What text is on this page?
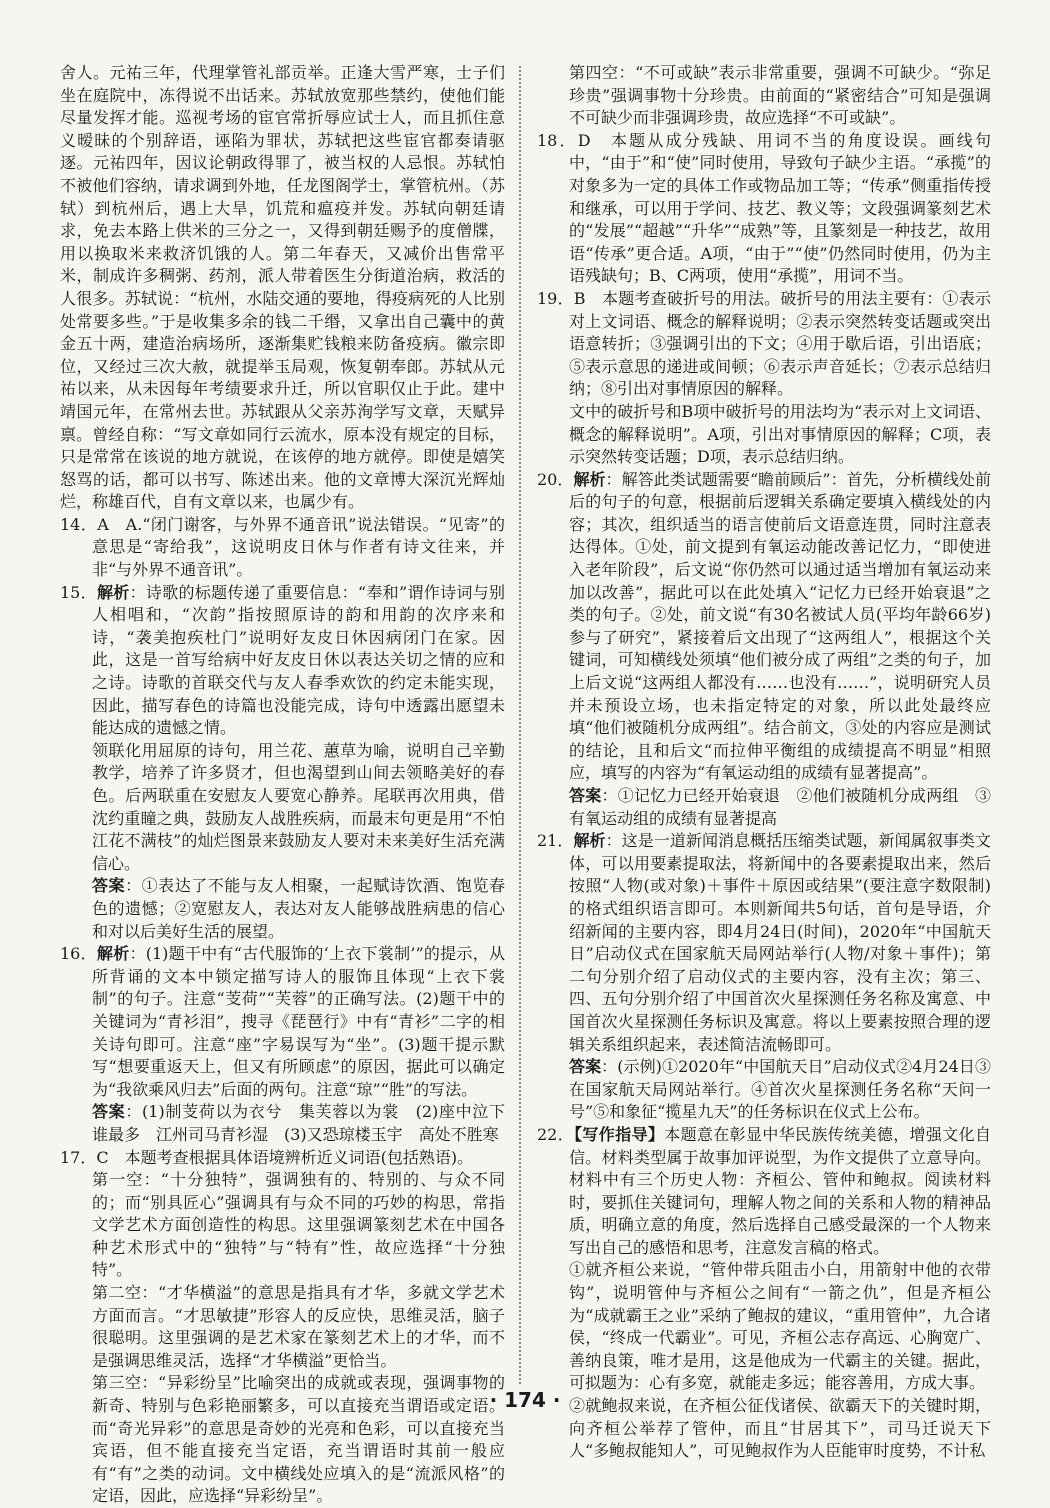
舍人。元祐三年，代理掌管礼部贡举。正逢大雪严寒，士子们坐在庭院中，冻得说不出话来。苏轼放宽那些禁约，使他们能尽量发挥才能。巡视考场的宦官常折辱应试士人，而且抓住意义暧昧的个别辞语，诬陷为罪状，苏轼把这些宦官都奏请驱逐。元祐四年，因议论朝政得罪了，被当权的人忌恨。苏轼怕不被他们容纳，请求调到外地，任龙图阁学士，掌管杭州。（苏轼）到杭州后，遇上大旱，饥荒和瘟疫并发。苏轼向朝廷请求，免去本路上供米的三分之一，又得到朝廷赐予的度僧牒，用以换取米来救济饥饿的人。第二年春天，又减价出售常平米，制成许多稠粥、药剂，派人带着医生分街道治病，救活的人很多。苏轼说：“杭州，水陆交通的要地，得疫病死的人比别处常要多些。”于是收集多余的钱二千缗，又拿出自己囊中的黄金五十两，建造治病场所，逐渐集贮钱粮来防备疫病。徽宗即位，又经过三次大赦，就提举玉局观，恢复朝奉郎。苏轼从元祐以来，从未因每年考绩要求升迁，所以官职仅止于此。建中靖国元年，在常州去世。苏轼跟从父亲苏洵学写文章，天赋异禀。曾经自称：“写文章如同行云流水，原本没有规定的目标，只是常常在该说的地方就说，在该停的地方就停。即使是嬉笑怒骂的话，都可以书写、陈述出来。他的文章博大深沉光辉灿烂，称雄百代，自有文章以来，也属少有。

14．A　A.“闭门谢客，与外界不通音讯”说法错误。“见寄”的意思是“寄给我”，这说明皮日休与作者有诗文往来，并非“与外界不通音讯”。

15．解析：诗歌的标题传递了重要信息：“奉和”谓作诗词与别人相唱和，“次韵”指按照原诗的韵和用韵的次序来和诗，“袭美抱疾杜门”说明好友皮日休因病闭门在家。因此，这是一首写给病中好友皮日休以表达关切之情的应和之诗。诗歌的首联交代与友人春季欢饮的约定未能实现，因此，描写春色的诗篇也没能完成，诗句中透露出愿望未能达成的遗憾之情。

领联化用屈原的诗句，用兰花、蕙草为喻，说明自己辛勤教学，培养了许多贤才，但也渴望到山间去领略美好的春色。后两联重在安慰友人要宽心静养。尾联再次用典，借沈约重瞳之典，鼓励友人战胜疾病，而最末句更是用“不怕江花不满枝”的灿烂图景来鼓励友人要对未来美好生活充满信心。

答案：①表达了不能与友人相聚，一起赋诗饮酒、饱览春色的遗憾；②宽慰友人，表达对友人能够战胜病患的信心和对以后美好生活的展望。

16．解析：(1)题干中有“古代服饰的‘上衣下裳制’”的提示，从所背诵的文本中锁定描写诗人的服饰且体现“上衣下裳制”的句子。注意“芰荷”“芙蓉”的正确写法。(2)题干中的关键词为“青衫泪”，搜寻《琵琶行》中有“青衫”二字的相关诗句即可。注意“座”字易误写为“坐”。(3)题干提示默写“想要重返天上，但又有所顾虑”的原因，据此可以确定为“我欲乘风归去”后面的两句。注意“琼”“胜”的写法。

答案：(1)制芰荷以为衣兮　集芙蓉以为裳　(2)座中泣下谁最多　江州司马青衫湿　(3)又恐琼楼玉宇　高处不胜寒

17．C　本题考查根据具体语境辨析近义词语(包括熟语)。

第一空：“十分独特”，强调独有的、特别的、与众不同的；而“别具匠心”强调具有与众不同的巧妙的构思，常指文学艺术方面创造性的构思。这里强调篆刻艺术在中国各种艺术形式中的“独特”与“特有”性，故应选择“十分独特”。

第二空：“才华横溢”的意思是指具有才华，多就文学艺术方面而言。“才思敏捷”形容人的反应快，思维灵活，脑子很聪明。这里强调的是艺术家在篆刻艺术上的才华，而不是强调思维灵活，选择“才华横溢”更恰当。

第三空：“异彩纷呈”比喻突出的成就或表现，强调事物的新奇、特别与色彩艳丽繁多，可以直接充当谓语或定语。而“奇光异彩”的意思是奇妙的光亮和色彩，可以直接充当宾语，但不能直接充当定语，充当谓语时其前一般应有“有”之类的动词。文中横线处应填入的是“流派风格”的定语，因此，应选择“异彩纷呈”。

第四空：“不可或缺”表示非常重要，强调不可缺少。“弥足珍贵”强调事物十分珍贵。由前面的“紧密结合”可知是强调不可缺少而非强调珍贵，故应选择“不可或缺”。

18．D　本题从成分残缺、用词不当的角度设误。画线句中，“由于”和“使”同时使用，导致句子缺少主语。“承揽”的对象多为一定的具体工作或物品加工等；“传承”侧重指传授和继承，可以用于学问、技艺、教义等；文段强调篆刻艺术的“发展”“超越”“升华”“成熟”等，且篆刻是一种技艺，故用语“传承”更合适。A项，“由于”“使”仍然同时使用，仍为主语残缺句；B、C两项，使用“承揽”，用词不当。

19．B　本题考查破折号的用法。破折号的用法主要有：①表示对上文词语、概念的解释说明；②表示突然转变话题或突出语意转折；③强调引出的下文；④用于歇后语，引出语底；⑤表示意思的递进或间顿；⑥表示声音延长；⑦表示总结归纳；⑧引出对事情原因的解释。

文中的破折号和B项中破折号的用法均为“表示对上文词语、概念的解释说明”。A项，引出对事情原因的解释；C项，表示突然转变话题；D项，表示总结归纳。

20．解析：解答此类试题需要“瞻前顾后”：首先，分析横线处前后的句子的句意，根据前后逻辑关系确定要填入横线处的内容；其次，组织适当的语言使前后文语意连贯，同时注意表达得体。①处，前文提到有氧运动能改善记忆力，“即使进入老年阶段”，后文说“你仍然可以通过适当增加有氧运动来加以改善”，据此可以在此处填入“记忆力已经开始衰退”之类的句子。②处，前文说“有30名被试人员(平均年龄66岁)参与了研究”，紧接着后文出现了“这两组人”，根据这个关键词，可知横线处须填“他们被分成了两组”之类的句子，加上后文说“这两组人都没有……也没有……”，说明研究人员并未预设立场，也未指定特定的对象，所以此处最终应填“他们被随机分成两组”。结合前文，③处的内容应是测试的结论，且和后文“而拉伸平衡组的成绩提高不明显”相照应，填写的内容为“有氧运动组的成绩有显著提高”。

答案：①记忆力已经开始衰退　②他们被随机分成两组　③有氧运动组的成绩有显著提高

21．解析：这是一道新闻消息概括压缩类试题，新闻属叙事类文体，可以用要素提取法，将新闻中的各要素提取出来，然后按照“人物(或对象)＋事件＋原因或结果”(要注意字数限制)的格式组织语言即可。本则新闻共5句话，首句是导语，介绍新闻的主要内容，即4月24日(时间)，2020年“中国航天日”启动仪式在国家航天局网站举行(人物/对象＋事件)；第二句分别介绍了启动仪式的主要内容，没有主次；第三、四、五句分别介绍了中国首次火星探测任务名称及寓意、中国首次火星探测任务标识及寓意。将以上要素按照合理的逻辑关系组织起来，表述简洁流畅即可。

答案：(示例)①2020年“中国航天日”启动仪式②4月24日③在国家航天局网站举行。④首次火星探测任务名称“天问一号”⑤和象征“揽星九天”的任务标识在仪式上公布。

22．【写作指导】本题意在彰显中华民族传统美德，增强文化自信。材料类型属于故事加评说型，为作文提供了立意导向。材料中有三个历史人物：齐桓公、管仲和鲍叔。阅读材料时，要抓住关键词句，理解人物之间的关系和人物的精神品质，明确立意的角度，然后选择自己感受最深的一个人物来写出自己的感悟和思考，注意发言稿的格式。

①就齐桓公来说，“管仲带兵阻击小白，用箭射中他的衣带钩”，说明管仲与齐桓公之间有“一箭之仇”，但是齐桓公为“成就霸王之业”采纳了鲍叔的建议，“重用管仲”，九合诸侯，“终成一代霸业”。可见，齐桓公志存高远、心胸宽广、善纳良策，唯才是用，这是他成为一代霸主的关键。据此，可拟题为：心有多宽，就能走多远；能容善用，方成大事。

②就鲍叔来说，在齐桓公征伐诸侯、欲霸天下的关键时期，向齐桓公举荐了管仲，而且“甘居其下”，司马迁说天下人“多鲍叔能知人”，可见鲍叔作为人臣能审时度势，不计私

· 174 ·
